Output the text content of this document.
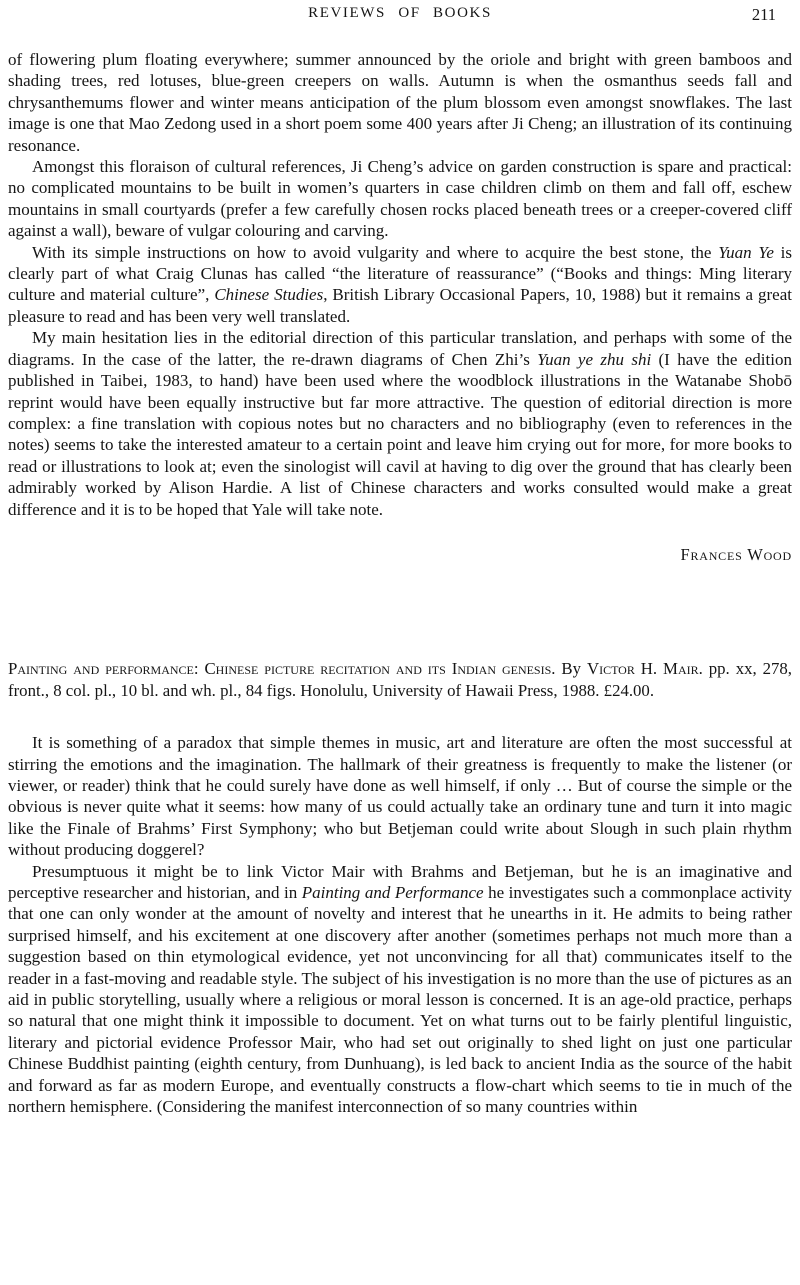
REVIEWS OF BOOKS	211

of flowering plum floating everywhere; summer announced by the oriole and bright with green bamboos and shading trees, red lotuses, blue-green creepers on walls. Autumn is when the osmanthus seeds fall and chrysanthemums flower and winter means anticipation of the plum blossom even amongst snowflakes. The last image is one that Mao Zedong used in a short poem some 400 years after Ji Cheng; an illustration of its continuing resonance.

Amongst this floraison of cultural references, Ji Cheng’s advice on garden construction is spare and practical: no complicated mountains to be built in women’s quarters in case children climb on them and fall off, eschew mountains in small courtyards (prefer a few carefully chosen rocks placed beneath trees or a creeper-covered cliff against a wall), beware of vulgar colouring and carving.

With its simple instructions on how to avoid vulgarity and where to acquire the best stone, the Yuan Ye is clearly part of what Craig Clunas has called “the literature of reassurance” (“Books and things: Ming literary culture and material culture”, Chinese Studies, British Library Occasional Papers, 10, 1988) but it remains a great pleasure to read and has been very well translated.

My main hesitation lies in the editorial direction of this particular translation, and perhaps with some of the diagrams. In the case of the latter, the re-drawn diagrams of Chen Zhi’s Yuan ye zhu shi (I have the edition published in Taibei, 1983, to hand) have been used where the woodblock illustrations in the Watanabe Shobō reprint would have been equally instructive but far more attractive. The question of editorial direction is more complex: a fine translation with copious notes but no characters and no bibliography (even to references in the notes) seems to take the interested amateur to a certain point and leave him crying out for more, for more books to read or illustrations to look at; even the sinologist will cavil at having to dig over the ground that has clearly been admirably worked by Alison Hardie. A list of Chinese characters and works consulted would make a great difference and it is to be hoped that Yale will take note.

Frances Wood

Painting and performance: Chinese picture recitation and its Indian genesis. By Victor H. Mair. pp. xx, 278, front., 8 col. pl., 10 bl. and wh. pl., 84 figs. Honolulu, University of Hawaii Press, 1988. £24.00.

It is something of a paradox that simple themes in music, art and literature are often the most successful at stirring the emotions and the imagination. The hallmark of their greatness is frequently to make the listener (or viewer, or reader) think that he could surely have done as well himself, if only … But of course the simple or the obvious is never quite what it seems: how many of us could actually take an ordinary tune and turn it into magic like the Finale of Brahms’ First Symphony; who but Betjeman could write about Slough in such plain rhythm without producing doggerel?

Presumptuous it might be to link Victor Mair with Brahms and Betjeman, but he is an imaginative and perceptive researcher and historian, and in Painting and Performance he investigates such a commonplace activity that one can only wonder at the amount of novelty and interest that he unearths in it. He admits to being rather surprised himself, and his excitement at one discovery after another (sometimes perhaps not much more than a suggestion based on thin etymological evidence, yet not unconvincing for all that) communicates itself to the reader in a fast-moving and readable style. The subject of his investigation is no more than the use of pictures as an aid in public storytelling, usually where a religious or moral lesson is concerned. It is an age-old practice, perhaps so natural that one might think it impossible to document. Yet on what turns out to be fairly plentiful linguistic, literary and pictorial evidence Professor Mair, who had set out originally to shed light on just one particular Chinese Buddhist painting (eighth century, from Dunhuang), is led back to ancient India as the source of the habit and forward as far as modern Europe, and eventually constructs a flow-chart which seems to tie in much of the northern hemisphere. (Considering the manifest interconnection of so many countries within
